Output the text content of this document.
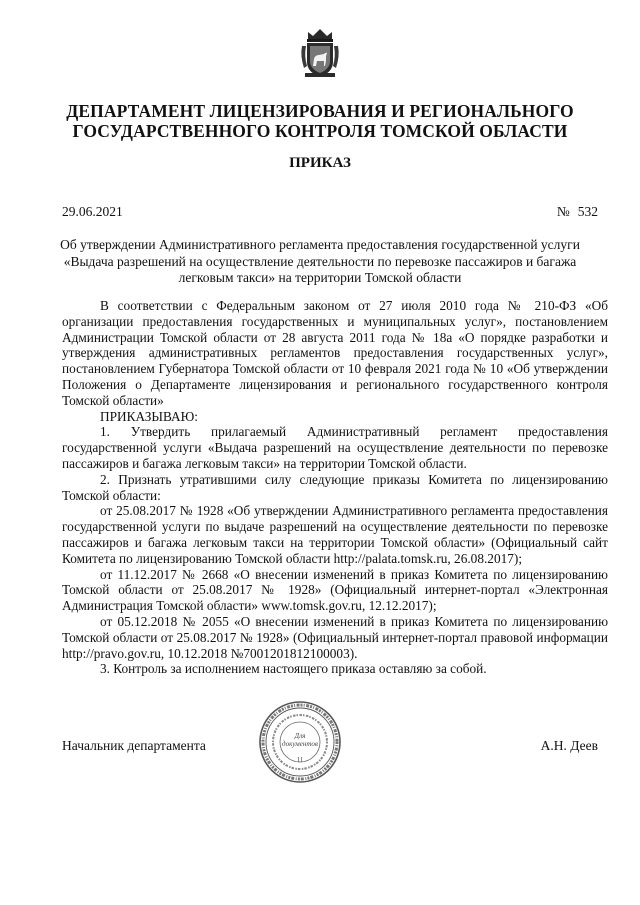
ДЕПАРТАМЕНТ ЛИЦЕНЗИРОВАНИЯ И РЕГИОНАЛЬНОГО
ГОСУДАРСТВЕННОГО КОНТРОЛЯ ТОМСКОЙ ОБЛАСТИ
ПРИКАЗ
29.06.2021	№ 532
Об утверждении Административного регламента предоставления государственной услуги
«Выдача разрешений на осуществление деятельности по перевозке пассажиров и багажа
легковым такси» на территории Томской области

В соответствии с Федеральным законом от 27 июля 2010 года № 210-ФЗ «Об организации предоставления государственных и муниципальных услуг», постановлением Администрации Томской области от 28 августа 2011 года № 18а «О порядке разработки и утверждения административных регламентов предоставления государственных услуг», постановлением Губернатора Томской области от 10 февраля 2021 года № 10 «Об утверждении Положения о Департаменте лицензирования и регионального государственного контроля Томской области»

ПРИКАЗЫВАЮ:

1. Утвердить прилагаемый Административный регламент предоставления государственной услуги «Выдача разрешений на осуществление деятельности по перевозке пассажиров и багажа легковым такси» на территории Томской области.

2. Признать утратившими силу следующие приказы Комитета по лицензированию Томской области:

от 25.08.2017 № 1928 «Об утверждении Административного регламента предоставления государственной услуги по выдаче разрешений на осуществление деятельности по перевозке пассажиров и багажа легковым такси на территории Томской области» (Официальный сайт Комитета по лицензированию Томской области http://palata.tomsk.ru, 26.08.2017);

от 11.12.2017 № 2668 «О внесении изменений в приказ Комитета по лицензированию Томской области от 25.08.2017 № 1928» (Официальный интернет-портал «Электронная Администрация Томской области» www.tomsk.gov.ru, 12.12.2017);

от 05.12.2018 № 2055 «О внесении изменений в приказ Комитета по лицензированию Томской области от 25.08.2017 № 1928» (Официальный интернет-портал правовой информации http://pravo.gov.ru, 10.12.2018 №7001201812100003).

3. Контроль за исполнением настоящего приказа оставляю за собой.

Начальник департамента	А.Н. Деев
Для
документов
11
